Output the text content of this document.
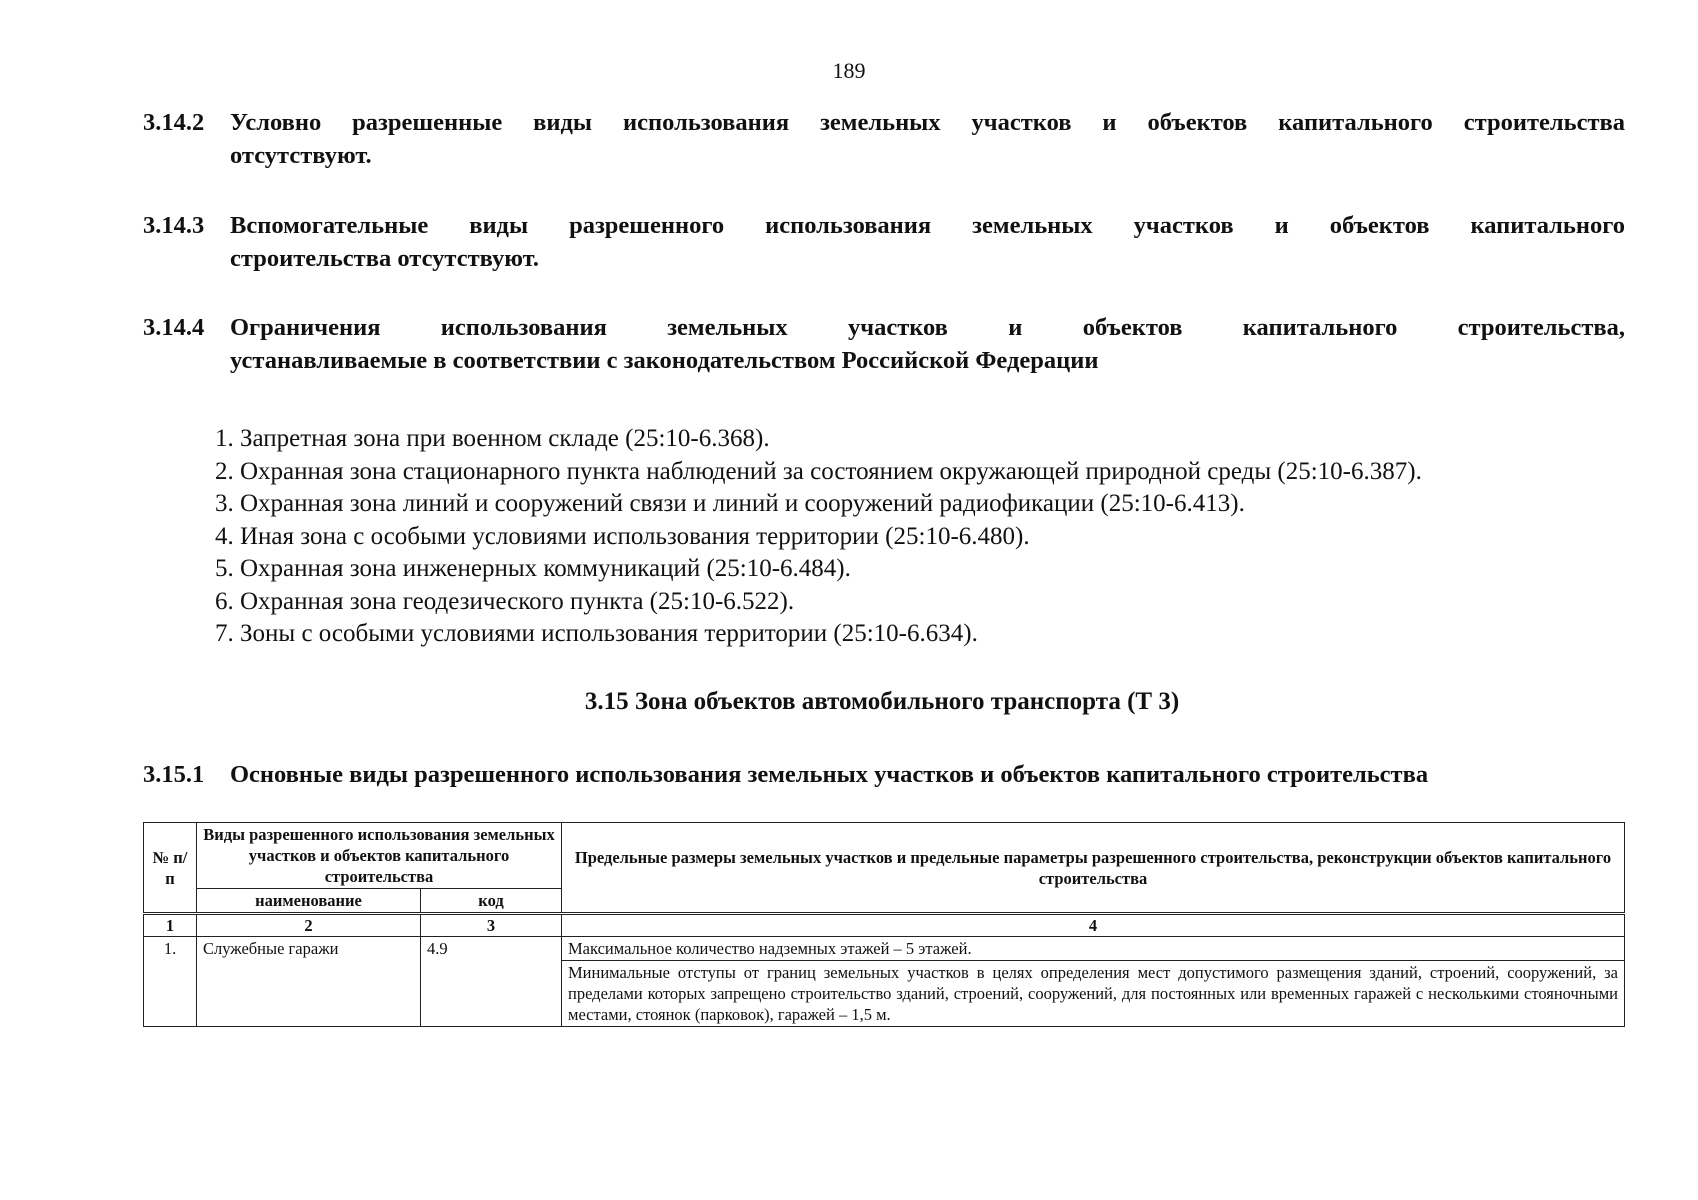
189
3.14.2	Условно разрешенные виды использования земельных участков и объектов капитального строительства
отсутствуют.
3.14.3	Вспомогательные виды разрешенного использования земельных участков и объектов капитального
строительства отсутствуют.
3.14.4	Ограничения использования земельных участков и объектов капитального строительства,
устанавливаемые в соответствии с законодательством Российской Федерации
1. Запретная зона при военном складе (25:10-6.368).
2. Охранная зона стационарного пункта наблюдений за состоянием окружающей природной среды (25:10-6.387).
3. Охранная зона линий и сооружений связи и линий и сооружений радиофикации (25:10-6.413).
4. Иная зона с особыми условиями использования территории (25:10-6.480).
5. Охранная зона инженерных коммуникаций (25:10-6.484).
6. Охранная зона геодезического пункта (25:10-6.522).
7. Зоны с особыми условиями использования территории (25:10-6.634).
3.15 Зона объектов автомобильного транспорта (Т 3)
3.15.1	Основные виды разрешенного использования земельных участков и объектов капитального строительства
№ п/п	Виды разрешенного использования земельных участков и объектов капитального строительства		Предельные размеры земельных участков и предельные параметры разрешенного строительства, реконструкции объектов капитального строительства
	наименование	код	

1	2	3	4
1.	Служебные гаражи	4.9	Максимальное количество надземных этажей – 5 этажей.
			Минимальные отступы от границ земельных участков в целях определения мест допустимого размещения зданий, строений, сооружений, за пределами которых запрещено строительство зданий, строений, сооружений, для постоянных или временных гаражей с несколькими стояночными местами, стоянок (парковок), гаражей – 1,5 м.
